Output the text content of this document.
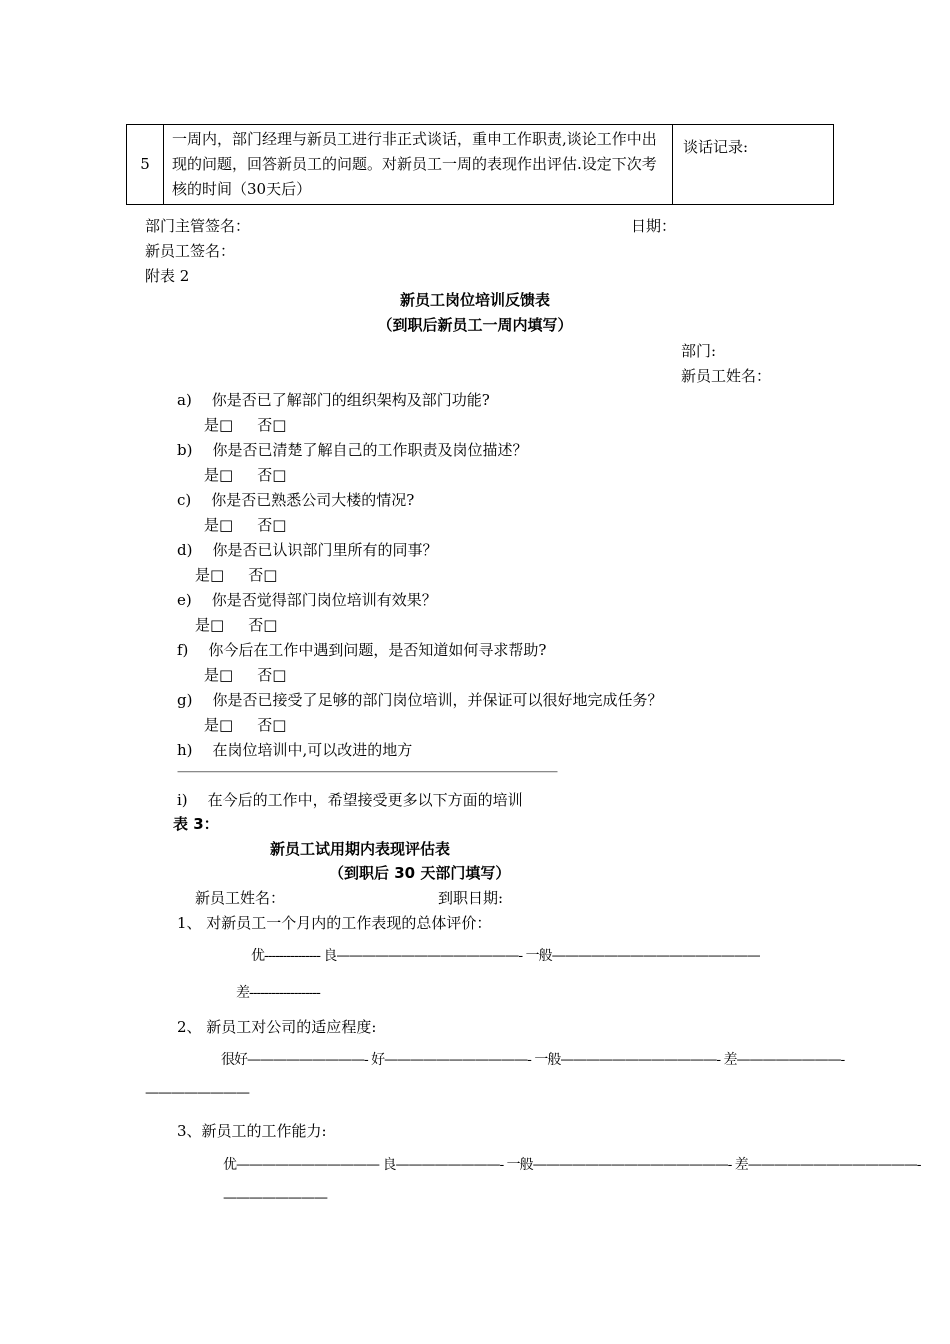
5	一周内，部门经理与新员工进行非正式谈话，重申工作职责,谈论工作中出现的问题，回答新员工的问题。对新员工一周的表现作出评估.设定下次考核的时间（30天后）	谈话记录:
部门主管签名：	日期：
新员工签名：
附表 2
新员工岗位培训反馈表
（到职后新员工一周内填写）
部门:
新员工姓名：
a) 你是否已了解部门的组织架构及部门功能?
是□ 否□
b) 你是否已清楚了解自己的工作职责及岗位描述？
是□ 否□
c) 你是否已熟悉公司大楼的情况?
是□ 否□
d) 你是否已认识部门里所有的同事？
是□ 否□
e) 你是否觉得部门岗位培训有效果？
是□ 否□
f) 你今后在工作中遇到问题，是否知道如何寻求帮助?
是□ 否□
g) 你是否已接受了足够的部门岗位培训，并保证可以很好地完成任务？
是□ 否□
h) 在岗位培训中,可以改进的地方
——————————————————————————————————————
i) 在今后的工作中，希望接受更多以下方面的培训
表 3：
新员工试用期内表现评估表
（到职后 30 天部门填写）
新员工姓名：	到职日期:
1、 对新员工一个月内的工作表现的总体评价：
优--------------- 良——————————————- 一般————————————————
差-------------------
2、 新员工对公司的适应程度:
很好—————————- 好———————————- 一般————————————- 差————————-
————————
3、新员工的工作能力:
优——————————— 良————————- 一般———————————————- 差—————————————-
————————
